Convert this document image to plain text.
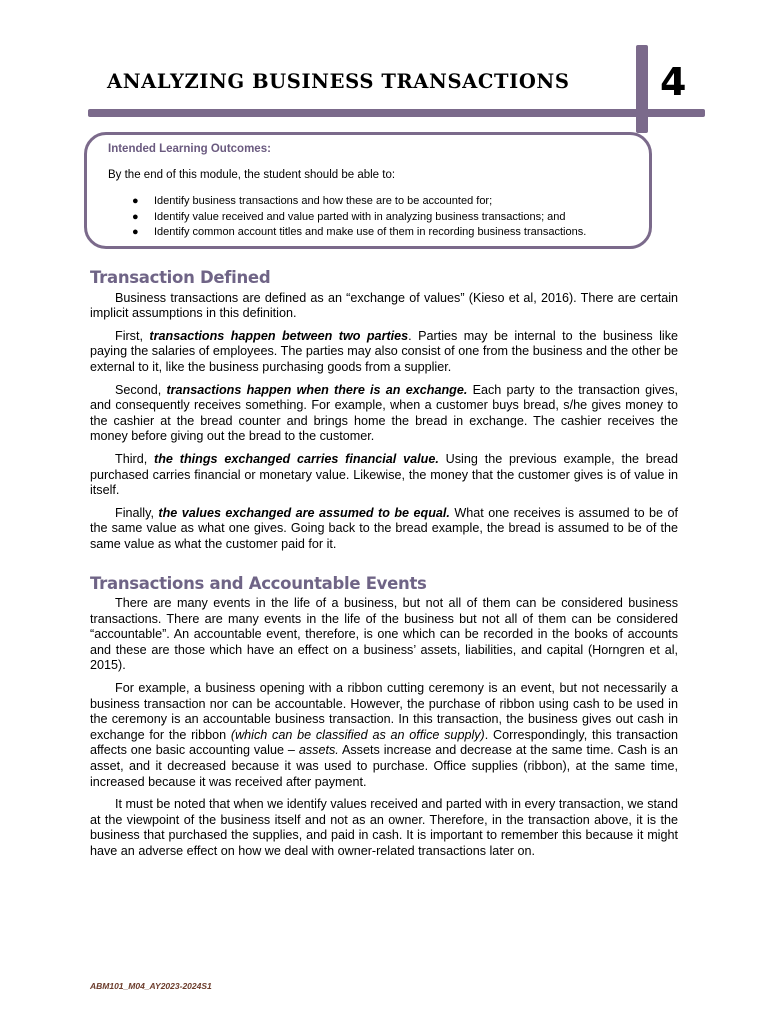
ANALYZING BUSINESS TRANSACTIONS	4
Intended Learning Outcomes:
By the end of this module, the student should be able to:
● Identify business transactions and how these are to be accounted for;
● Identify value received and value parted with in analyzing business transactions; and
● Identify common account titles and make use of them in recording business transactions.
Transaction Defined

Business transactions are defined as an “exchange of values” (Kieso et al, 2016). There are certain implicit assumptions in this definition.

First, transactions happen between two parties. Parties may be internal to the business like paying the salaries of employees. The parties may also consist of one from the business and the other be external to it, like the business purchasing goods from a supplier.

Second, transactions happen when there is an exchange. Each party to the transaction gives, and consequently receives something. For example, when a customer buys bread, s/he gives money to the cashier at the bread counter and brings home the bread in exchange. The cashier receives the money before giving out the bread to the customer.

Third, the things exchanged carries financial value. Using the previous example, the bread purchased carries financial or monetary value. Likewise, the money that the customer gives is of value in itself.

Finally, the values exchanged are assumed to be equal. What one receives is assumed to be of the same value as what one gives. Going back to the bread example, the bread is assumed to be of the same value as what the customer paid for it.

Transactions and Accountable Events

There are many events in the life of a business, but not all of them can be considered business transactions. There are many events in the life of the business but not all of them can be considered “accountable”. An accountable event, therefore, is one which can be recorded in the books of accounts and these are those which have an effect on a business’ assets, liabilities, and capital (Horngren et al, 2015).

For example, a business opening with a ribbon cutting ceremony is an event, but not necessarily a business transaction nor can be accountable. However, the purchase of ribbon using cash to be used in the ceremony is an accountable business transaction. In this transaction, the business gives out cash in exchange for the ribbon (which can be classified as an office supply). Correspondingly, this transaction affects one basic accounting value – assets. Assets increase and decrease at the same time. Cash is an asset, and it decreased because it was used to purchase. Office supplies (ribbon), at the same time, increased because it was received after payment.

It must be noted that when we identify values received and parted with in every transaction, we stand at the viewpoint of the business itself and not as an owner. Therefore, in the transaction above, it is the business that purchased the supplies, and paid in cash. It is important to remember this because it might have an adverse effect on how we deal with owner-related transactions later on.

ABM101_M04_AY2023-2024S1
